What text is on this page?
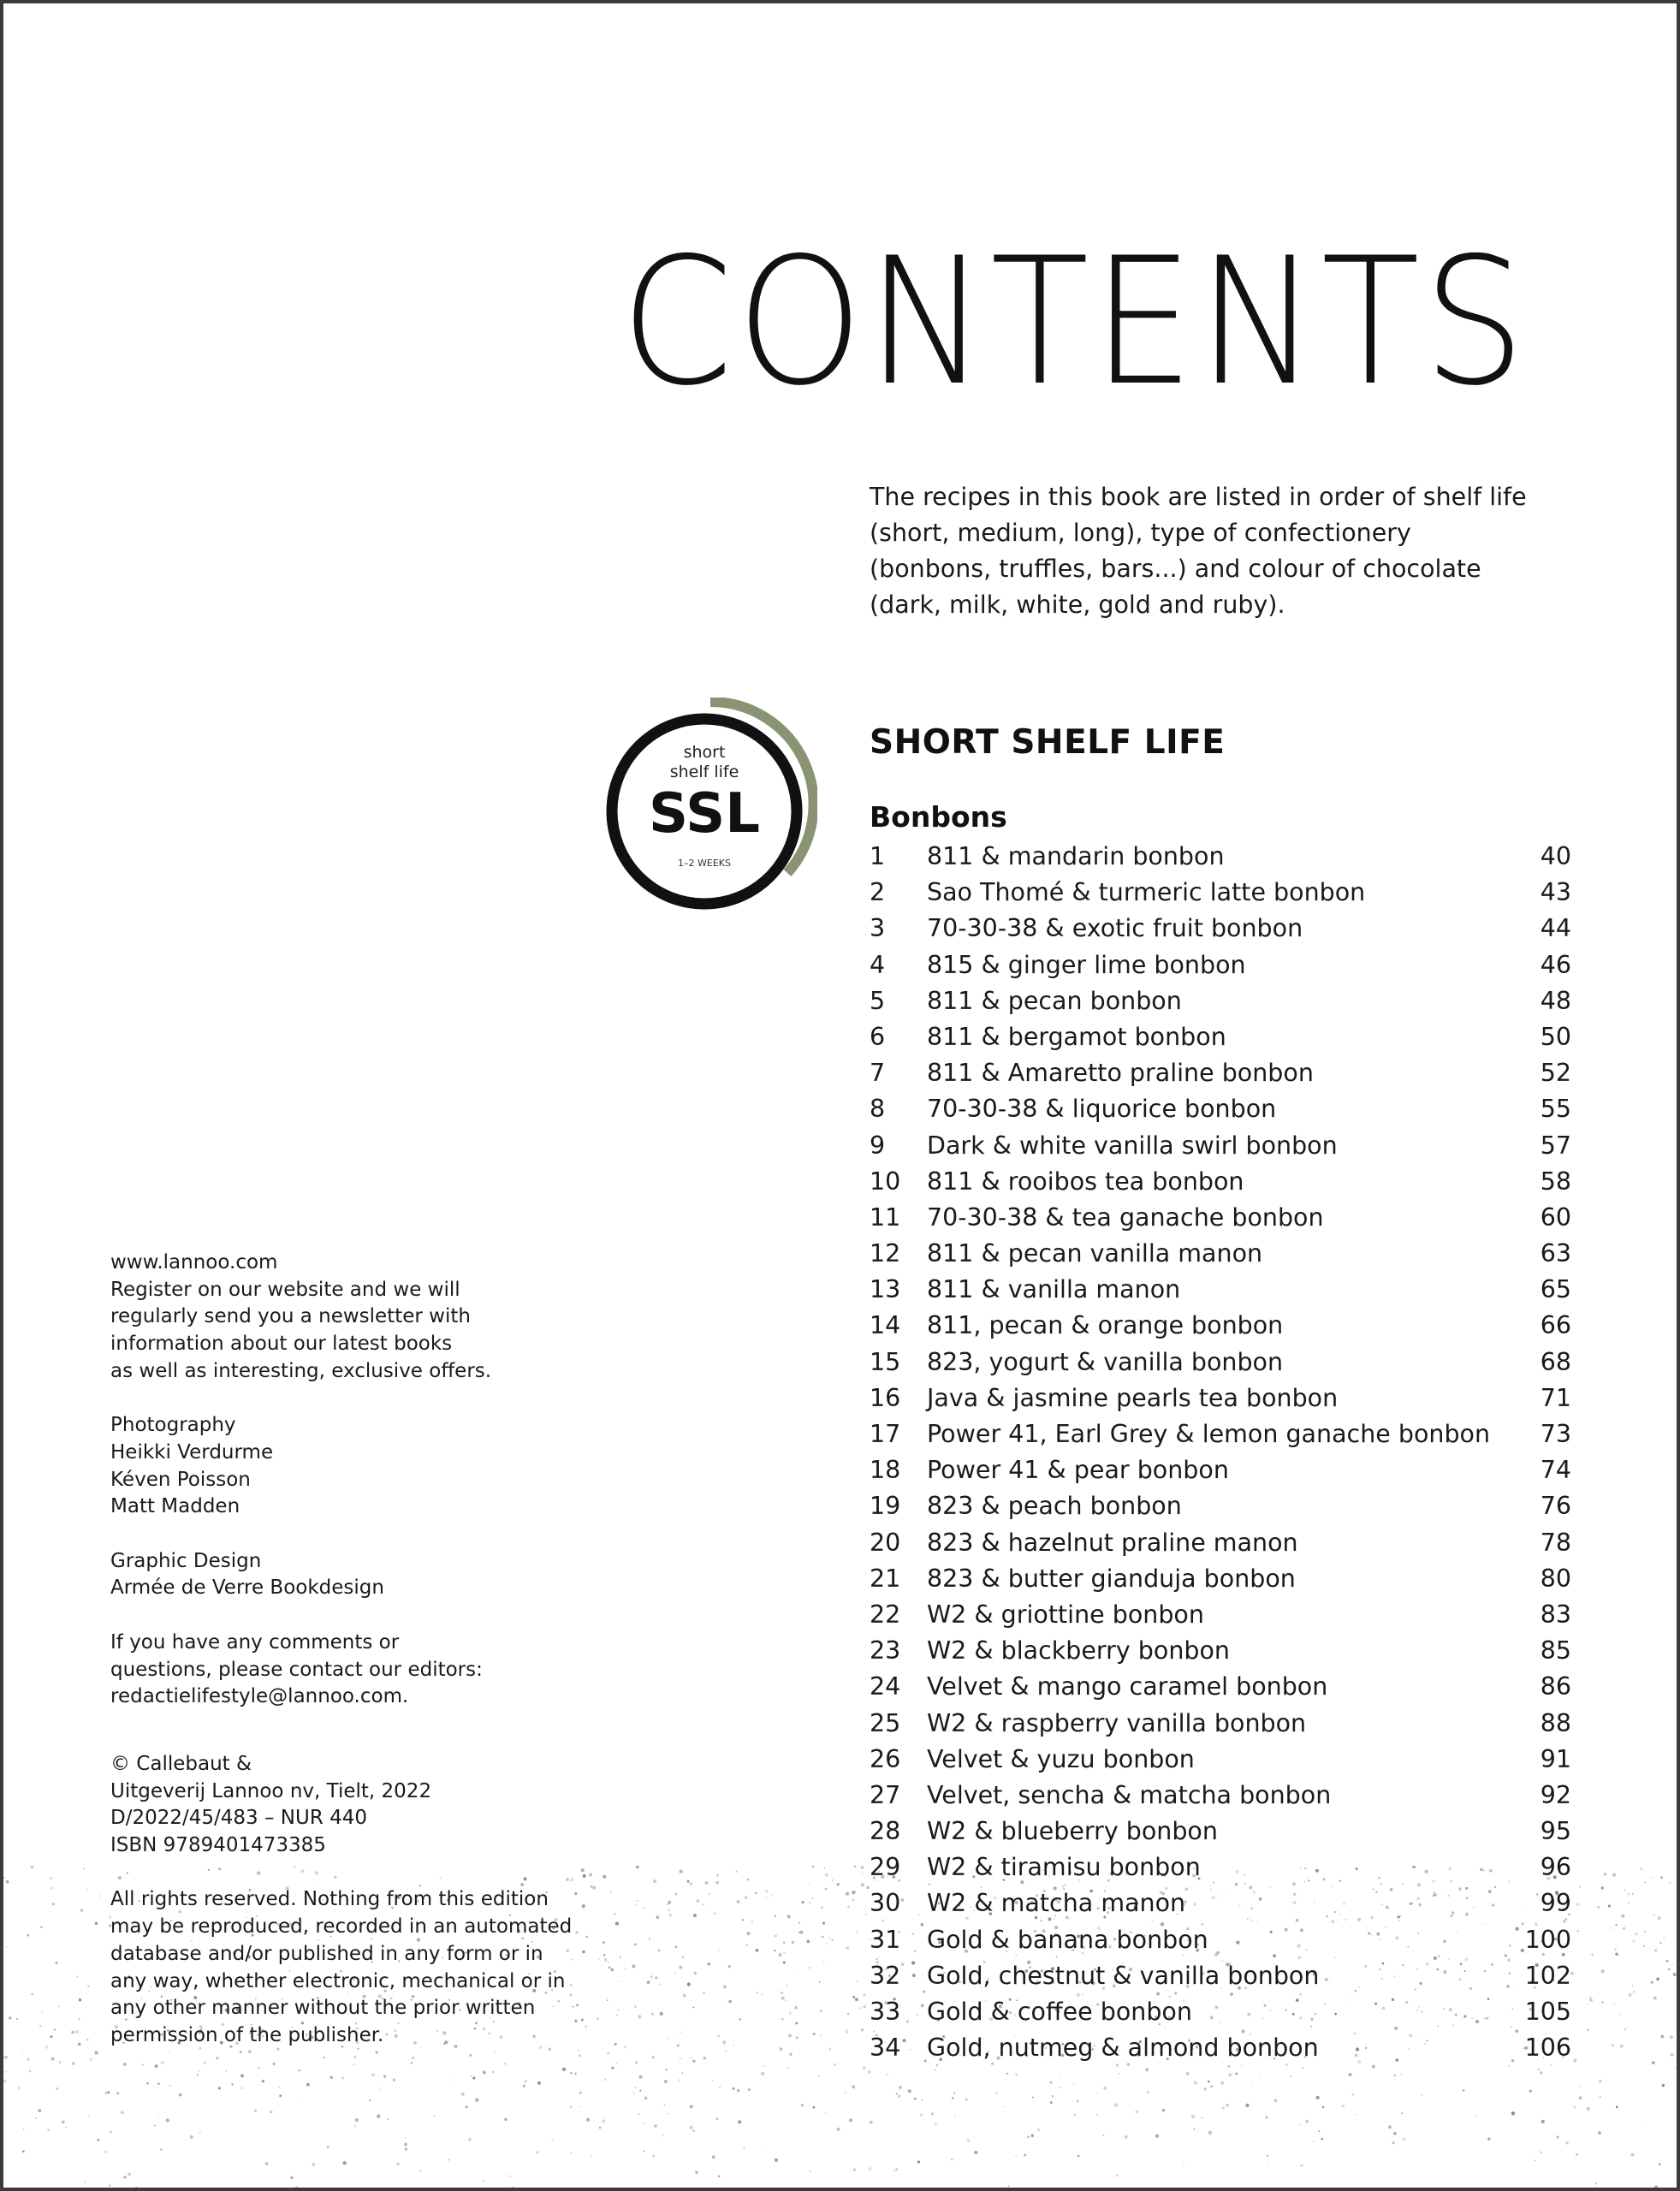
CONTENTS
The recipes in this book are listed in order of shelf life
(short, medium, long), type of confectionery
(bonbons, truffles, bars...) and colour of chocolate
(dark, milk, white, gold and ruby).
short
shelf life
SSL
1–2 WEEKS
SHORT SHELF LIFE
Bonbons
1 811 & mandarin bonbon	40
2 Sao Thomé & turmeric latte bonbon	43
3 70-30-38 & exotic fruit bonbon	44
4 815 & ginger lime bonbon	46
5 811 & pecan bonbon	48
6 811 & bergamot bonbon	50
7 811 & Amaretto praline bonbon	52
8 70-30-38 & liquorice bonbon	55
9 Dark & white vanilla swirl bonbon	57
10 811 & rooibos tea bonbon	58
11 70-30-38 & tea ganache bonbon	60
12 811 & pecan vanilla manon	63
13 811 & vanilla manon	65
14 811, pecan & orange bonbon	66
15 823, yogurt & vanilla bonbon	68
16 Java & jasmine pearls tea bonbon	71
17 Power 41, Earl Grey & lemon ganache bonbon 73
18 Power 41 & pear bonbon	74
19 823 & peach bonbon	76
20 823 & hazelnut praline manon	78
21 823 & butter gianduja bonbon	80
22 W2 & griottine bonbon	83
23 W2 & blackberry bonbon	85
24 Velvet & mango caramel bonbon	86
25 W2 & raspberry vanilla bonbon	88
26 Velvet & yuzu bonbon	91
27 Velvet, sencha & matcha bonbon	92
28 W2 & blueberry bonbon	95
29 W2 & tiramisu bonbon	96
30 W2 & matcha manon	99
31 Gold & banana bonbon	100
32 Gold, chestnut & vanilla bonbon	102
33 Gold & coffee bonbon	105
34 Gold, nutmeg & almond bonbon	106
www.lannoo.com
Register on our website and we will
regularly send you a newsletter with
information about our latest books
as well as interesting, exclusive offers.
Photography
Heikki Verdurme
Kéven Poisson
Matt Madden
Graphic Design
Armée de Verre Bookdesign
If you have any comments or
questions, please contact our editors:
redactielifestyle@lannoo.com.
© Callebaut &
Uitgeverij Lannoo nv, Tielt, 2022
D/2022/45/483 – NUR 440
ISBN 9789401473385
All rights reserved. Nothing from this edition
may be reproduced, recorded in an automated
database and/or published in any form or in
any way, whether electronic, mechanical or in
any other manner without the prior written
permission of the publisher.
